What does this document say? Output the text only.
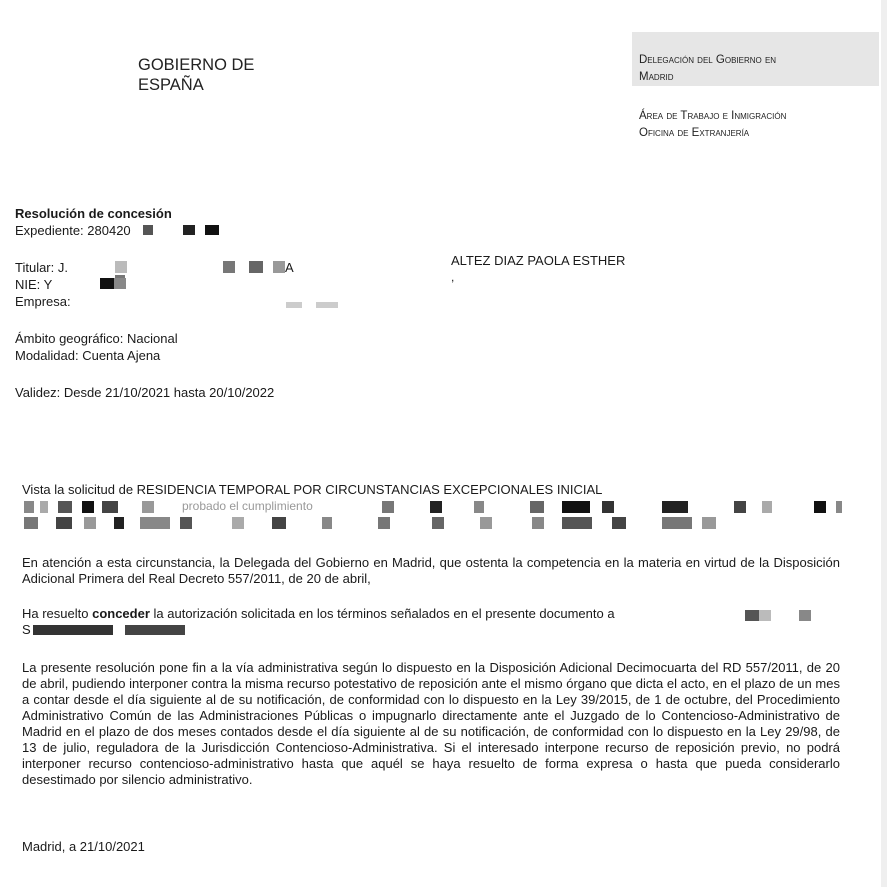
GOBIERNO DE
ESPAÑA
Delegación del Gobierno en
Madrid
Área de Trabajo e Inmigración
Oficina de Extranjería
Resolución de concesión
Expediente: 280420
Titular: J.	A	ALTEZ DIAZ PAOLA ESTHER
,
NIE: Y
Empresa:
Ámbito geográfico: Nacional
Modalidad: Cuenta Ajena
Validez: Desde 21/10/2021 hasta 20/10/2022
Vista la solicitud de RESIDENCIA TEMPORAL POR CIRCUNSTANCIAS EXCEPCIONALES INICIAL
probado el cumplimiento
En atención a esta circunstancia, la Delegada del Gobierno en Madrid, que ostenta la competencia en la materia en virtud de la Disposición Adicional Primera del Real Decreto 557/2011, de 20 de abril,
Ha resuelto conceder la autorización solicitada en los términos señalados en el presente documento a
S
La presente resolución pone fin a la vía administrativa según lo dispuesto en la Disposición Adicional Decimocuarta del RD 557/2011, de 20 de abril, pudiendo interponer contra la misma recurso potestativo de reposición ante el mismo órgano que dicta el acto, en el plazo de un mes a contar desde el día siguiente al de su notificación, de conformidad con lo dispuesto en la Ley 39/2015, de 1 de octubre, del Procedimiento Administrativo Común de las Administraciones Públicas o impugnarlo directamente ante el Juzgado de lo Contencioso-Administrativo de Madrid en el plazo de dos meses contados desde el día siguiente al de su notificación, de conformidad con lo dispuesto en la Ley 29/98, de 13 de julio, reguladora de la Jurisdicción Contencioso-Administrativa. Si el interesado interpone recurso de reposición previo, no podrá interponer recurso contencioso-administrativo hasta que aquél se haya resuelto de forma expresa o hasta que pueda considerarlo desestimado por silencio administrativo.
Madrid, a 21/10/2021
